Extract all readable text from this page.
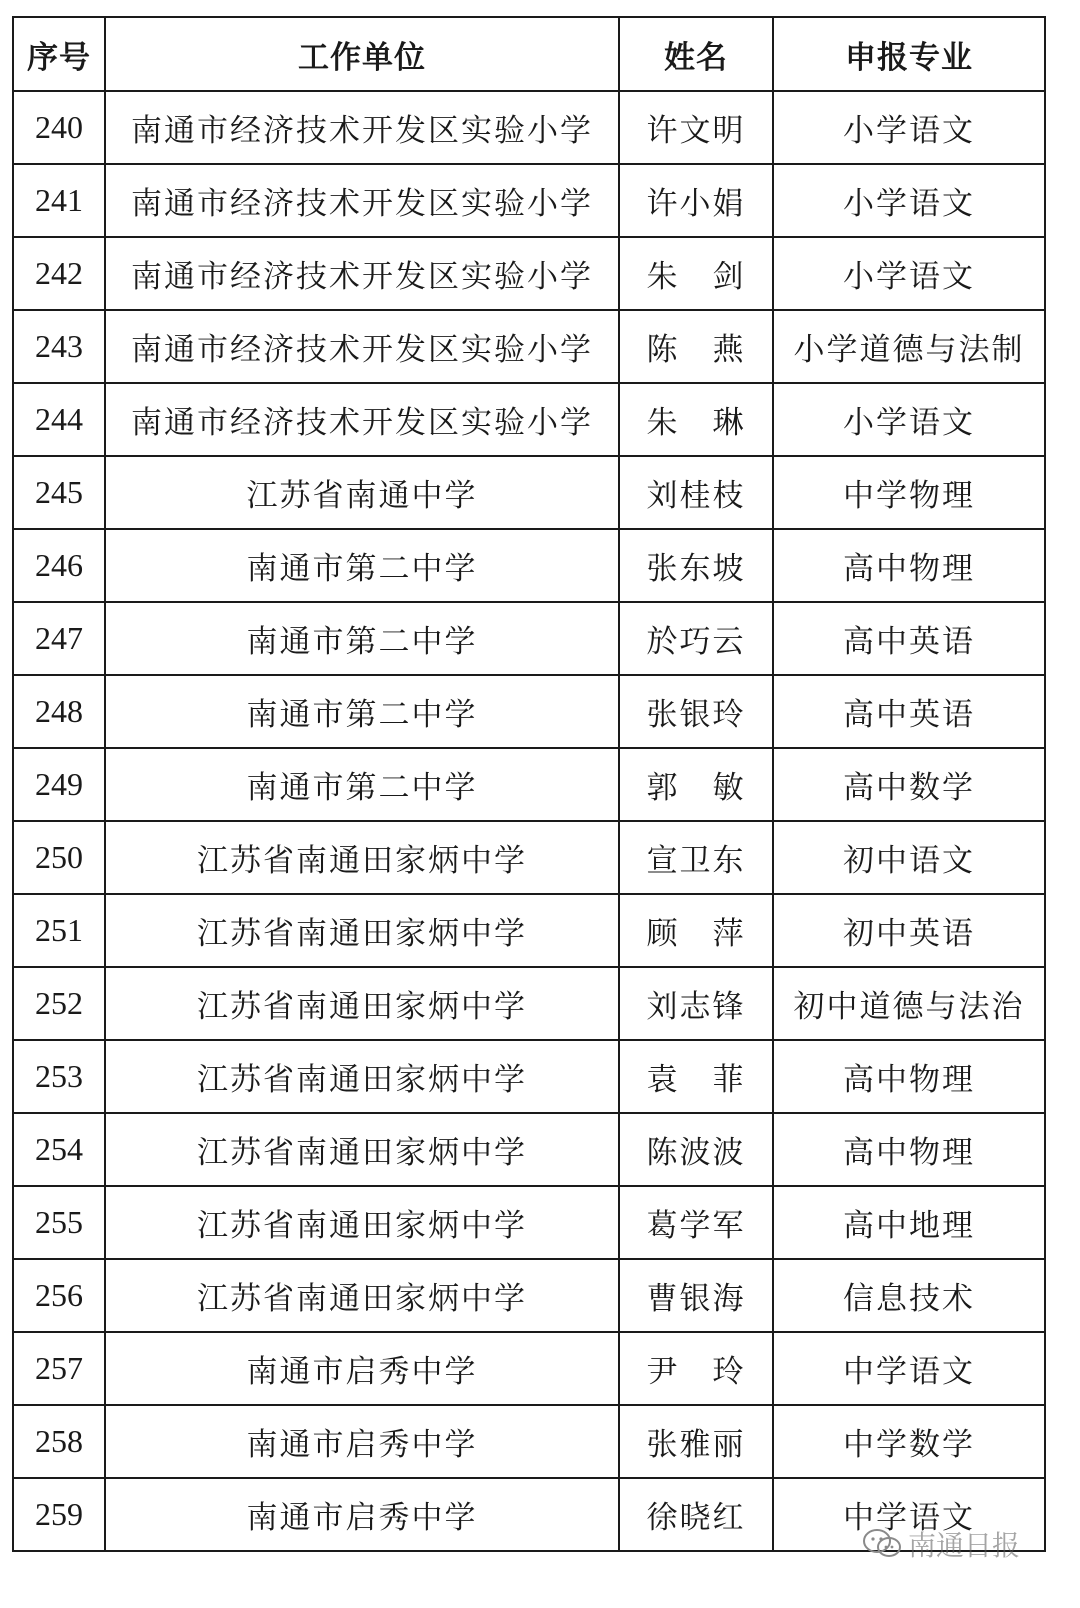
序号	工作单位	姓名	申报专业
240	南通市经济技术开发区实验小学	许文明	小学语文
241	南通市经济技术开发区实验小学	许小娟	小学语文
242	南通市经济技术开发区实验小学	朱　剑	小学语文
243	南通市经济技术开发区实验小学	陈　燕	小学道德与法制
244	南通市经济技术开发区实验小学	朱　琳	小学语文
245	江苏省南通中学	刘桂枝	中学物理
246	南通市第二中学	张东坡	高中物理
247	南通市第二中学	於巧云	高中英语
248	南通市第二中学	张银玲	高中英语
249	南通市第二中学	郭　敏	高中数学
250	江苏省南通田家炳中学	宣卫东	初中语文
251	江苏省南通田家炳中学	顾　萍	初中英语
252	江苏省南通田家炳中学	刘志锋	初中道德与法治
253	江苏省南通田家炳中学	袁　菲	高中物理
254	江苏省南通田家炳中学	陈波波	高中物理
255	江苏省南通田家炳中学	葛学军	高中地理
256	江苏省南通田家炳中学	曹银海	信息技术
257	南通市启秀中学	尹　玲	中学语文
258	南通市启秀中学	张雅丽	中学数学
259	南通市启秀中学	徐晓红	中学语文
南通日报
